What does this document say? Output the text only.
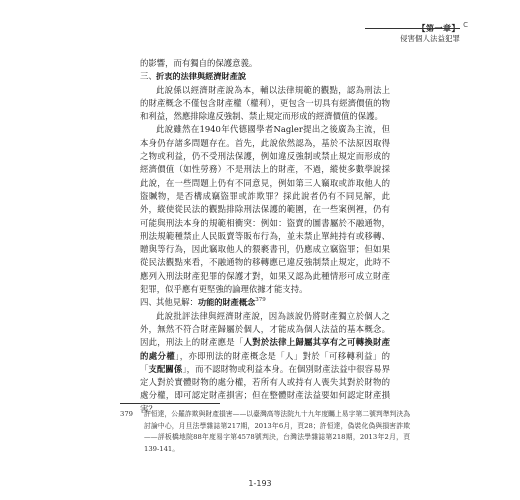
侵害個人法益犯罪
C

的影響，而有獨自的保護意義。

三、折衷的法律與經濟財產說

此說係以經濟財產說為本，輔以法律規範的觀點，認為刑法上的財產概念不僅包含財產權（權利），更包含一切具有經濟價值的物和利益，然應排除違反強制、禁止規定而形成的經濟價值的保護。

此說雖然在1940年代德國學者Nagler提出之後廣為主流，但本身仍存諸多問題存在。首先，此說依然認為，基於不法原因取得之物或利益，仍不受刑法保護，例如違反強制或禁止規定而形成的經濟價值（如性勞務）不是刑法上的財產，不過，縱使多數學說採此說，在一些問題上仍有不同意見，例如第三人竊取或詐取他人的盜贓物，是否構成竊盜罪或詐欺罪？採此說者仍有不同見解，此外，縱使從民法的觀點排除刑法保護的範圍，在一些案例裡，仍有可能與刑法本身的規範相衝突：例如：盜賣的圖書屬於不融通物，刑法規範種禁止人民販賣等販布行為，並未禁止單純持有或移轉、贈與等行為，因此竊取他人的猥褻書刊，仍應成立竊盜罪；但如果從民法觀點來看，不融通物的移轉應已違反強制禁止規定，此時不應列入刑法財產犯罪的保護才對，如果又認為此種情形可成立財產犯罪，似乎應有更堅強的論理依據才能支持。

四、其他見解：功能的財產概念$^{379}$

此說批評法律與經濟財產說，因為該說仍將財產獨立於個人之外，無然不符合財產歸屬於個人，才能成為個人法益的基本概念。因此，刑法上的財產應是「人對於法律上歸屬其享有之可轉換財產的處分權」，亦即刑法的財產概念是「人」對於「可移轉利益」的「支配關係」，而不認財物或利益本身。在個別財產法益中很容易界定人對於實體財物的處分權，若所有人或持有人喪失其對於財物的處分權，即可認定財產損害；但在整體財產法益要如何認定財產損害？

379	許恒達，公羅詐欺與財產損害——以臺灣高等法院九十九年度矚上易字第二號判準判決為討論中心，月旦法學雜誌第217期，2013年6月，頁28；許恒達，偽裝化偽與損害詐欺——評板橋地院88年度易字第4578號判決，台灣法學雜誌第218期，2013年2月，頁139-141。
1-193
